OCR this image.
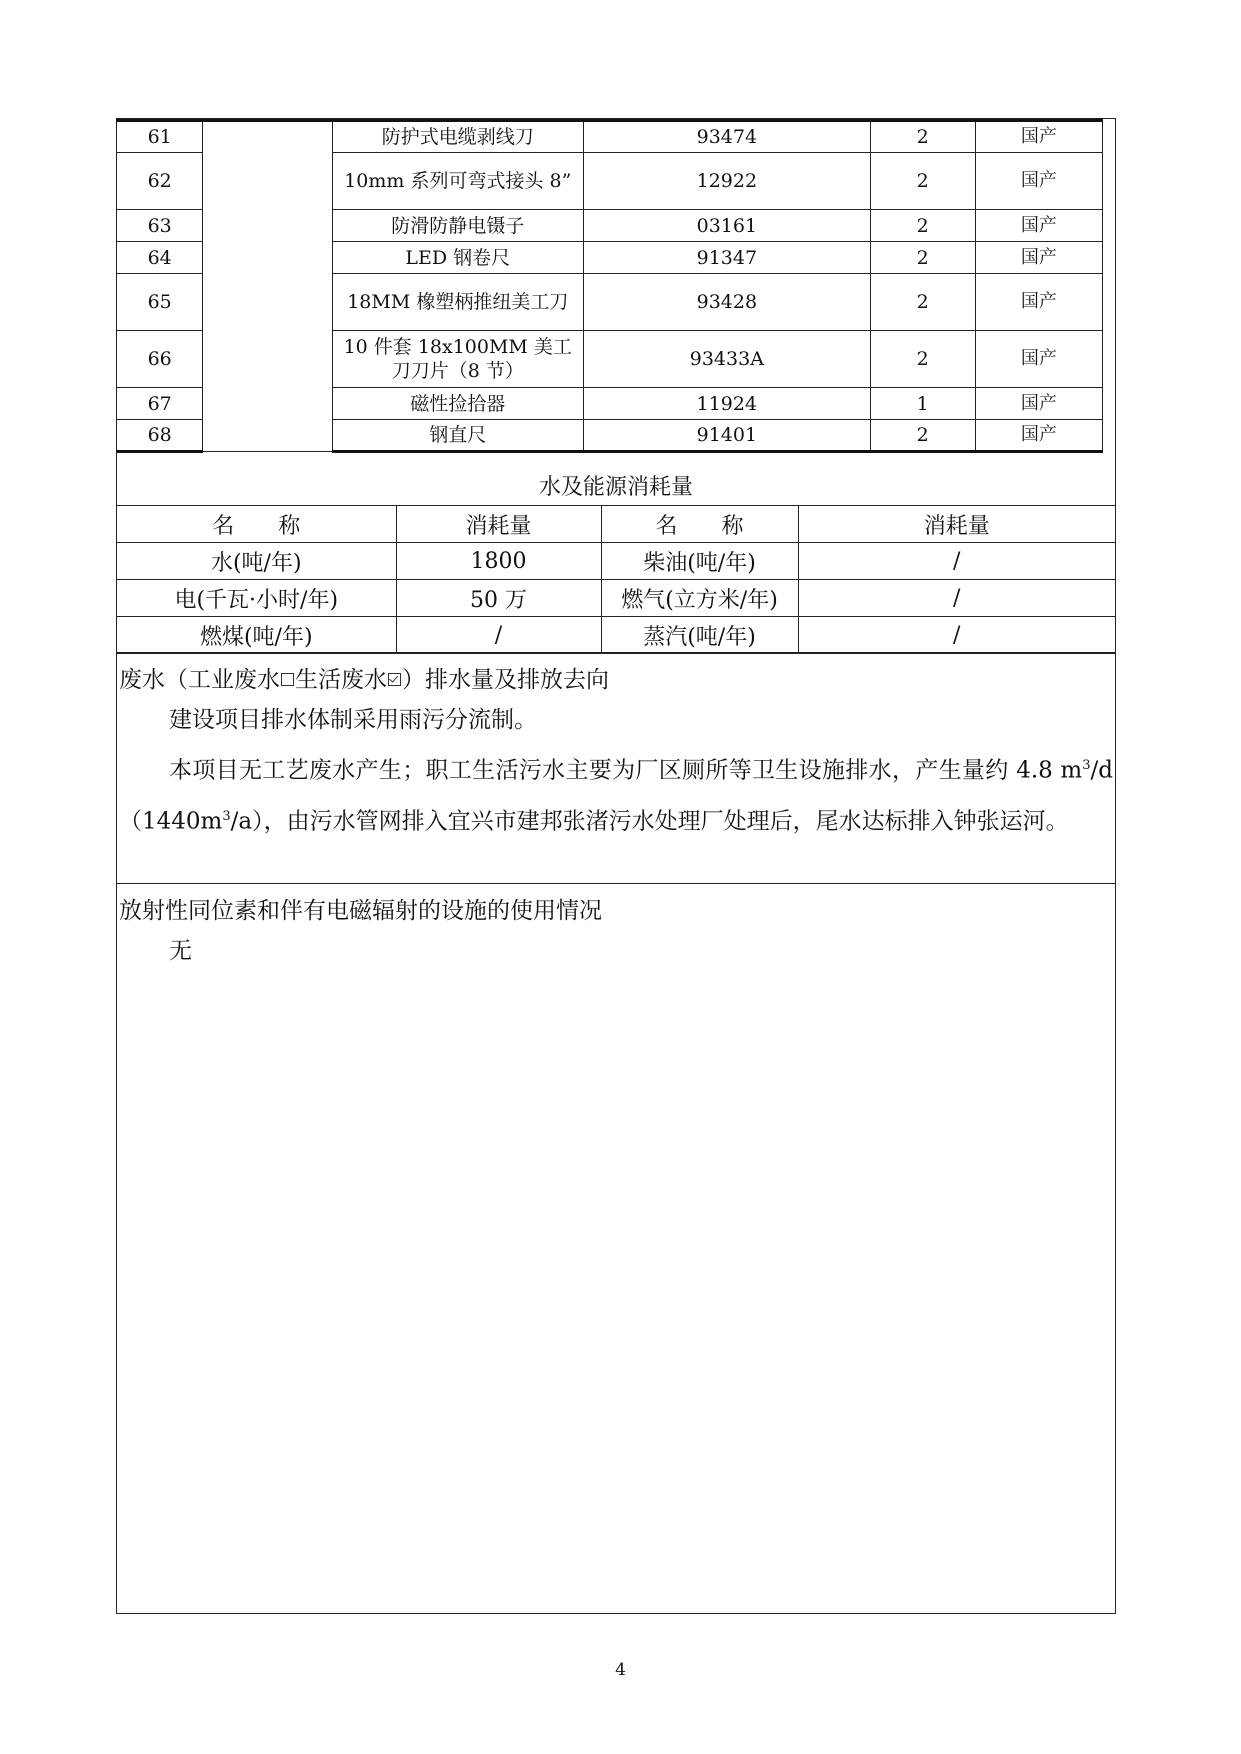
61		防护式电缆剥线刀	93474	2	国产
62		10mm 系列可弯式接头 8”	12922	2	国产
63		防滑防静电镊子	03161	2	国产
64		LED 钢卷尺	91347	2	国产
65		18MM 橡塑柄推纽美工刀	93428	2	国产
66		10 件套 18x100MM 美工刀刀片（8 节）	93433A	2	国产
67		磁性捡拾器	11924	1	国产
68		钢直尺	91401	2	国产
水及能源消耗量
名　　称	消耗量	名　　称	消耗量
水(吨/年)	1800	柴油(吨/年)	/
电(千瓦·小时/年)	50 万	燃气(立方米/年)	/
燃煤(吨/年)	/	蒸汽(吨/年)	/
废水（工业废水 生活废水 ）排水量及排放去向
建设项目排水体制采用雨污分流制。
本项目无工艺废水产生；职工生活污水主要为厂区厕所等卫生设施排水，产生量约 4.8 $m^3/d(1440m^3/a)$，由污水管网排入宜兴市建邦张渚污水处理厂处理后，尾水达标排入钟张运河。
放射性同位素和伴有电磁辐射的设施的使用情况
无
4
